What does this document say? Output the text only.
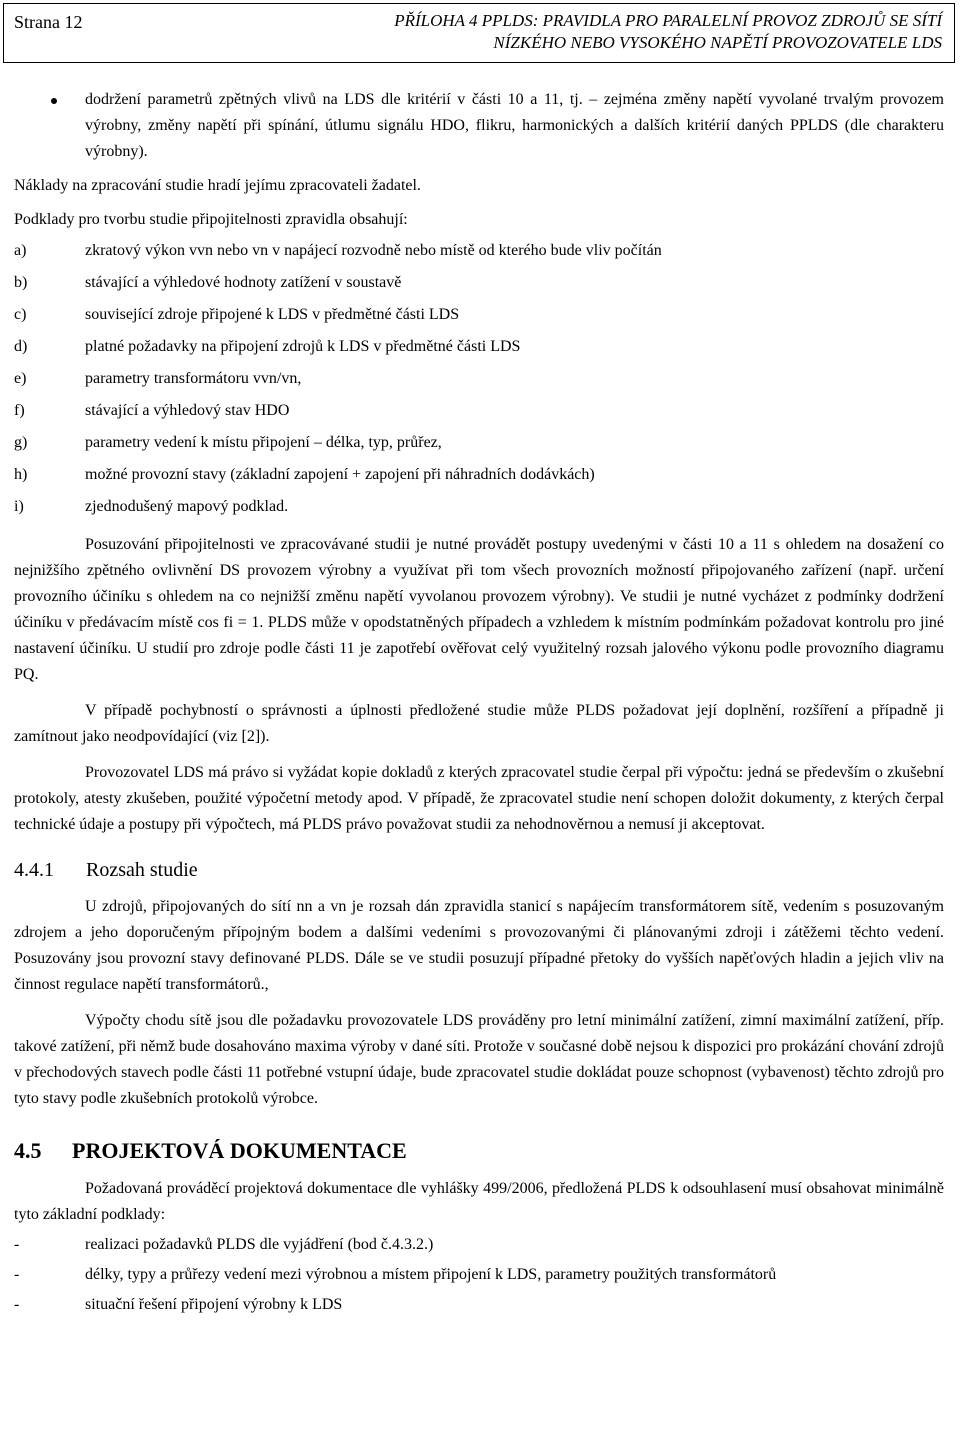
Strana 12	PŘÍLOHA 4 PPLDS: PRAVIDLA PRO PARALELNÍ PROVOZ ZDROJŮ SE SÍTÍ
NÍZKÉHO NEBO VYSOKÉHO NAPĚTÍ PROVOZOVATELE LDS

dodržení parametrů zpětných vlivů na LDS dle kritérií v části 10 a 11, tj. – zejména změny napětí vyvolané trvalým provozem výrobny, změny napětí při spínání, útlumu signálu HDO, flikru, harmonických a dalších kritérií daných PPLDS (dle charakteru výrobny).

Náklady na zpracování studie hradí jejímu zpracovateli žadatel.

Podklady pro tvorbu studie připojitelnosti zpravidla obsahují:

a)	zkratový výkon vvn nebo vn v napájecí rozvodně nebo místě od kterého bude vliv počítán
b)	stávající a výhledové hodnoty zatížení v soustavě
c)	související zdroje připojené k LDS v předmětné části LDS
d)	platné požadavky na připojení zdrojů k LDS v předmětné části LDS
e)	parametry transformátoru vvn/vn,
f)	stávající a výhledový stav HDO
g)	parametry vedení k místu připojení – délka, typ, průřez,
h)	možné provozní stavy (základní zapojení + zapojení při náhradních dodávkách)
i)	zjednodušený mapový podklad.

Posuzování připojitelnosti ve zpracovávané studii je nutné provádět postupy uvedenými v části 10 a 11 s ohledem na dosažení co nejnižšího zpětného ovlivnění DS provozem výrobny a využívat při tom všech provozních možností připojovaného zařízení (např. určení provozního účiníku s ohledem na co nejnižší změnu napětí vyvolanou provozem výrobny). Ve studii je nutné vycházet z podmínky dodržení účiníku v předávacím místě cos fi = 1. PLDS může v opodstatněných případech a vzhledem k místním podmínkám požadovat kontrolu pro jiné nastavení účiníku. U studií pro zdroje podle části 11 je zapotřebí ověřovat celý využitelný rozsah jalového výkonu podle provozního diagramu PQ.

V případě pochybností o správnosti a úplnosti předložené studie může PLDS požadovat její doplnění, rozšíření a případně ji zamítnout jako neodpovídající (viz [2]).

Provozovatel LDS má právo si vyžádat kopie dokladů z kterých zpracovatel studie čerpal při výpočtu: jedná se především o zkušební protokoly, atesty zkušeben, použité výpočetní metody apod. V případě, že zpracovatel studie není schopen doložit dokumenty, z kterých čerpal technické údaje a postupy při výpočtech, má PLDS právo považovat studii za nehodnověrnou a nemusí ji akceptovat.

4.4.1 Rozsah studie

U zdrojů, připojovaných do sítí nn a vn je rozsah dán zpravidla stanicí s napájecím transformátorem sítě, vedením s posuzovaným zdrojem a jeho doporučeným přípojným bodem a dalšími vedeními s provozovanými či plánovanými zdroji i zátěžemi těchto vedení. Posuzovány jsou provozní stavy definované PLDS. Dále se ve studii posuzují případné přetoky do vyšších napěťových hladin a jejich vliv na činnost regulace napětí transformátorů.,

Výpočty chodu sítě jsou dle požadavku provozovatele LDS prováděny pro letní minimální zatížení, zimní maximální zatížení, příp. takové zatížení, při němž bude dosahováno maxima výroby v dané síti. Protože v současné době nejsou k dispozici pro prokázání chování zdrojů v přechodových stavech podle části 11 potřebné vstupní údaje, bude zpracovatel studie dokládat pouze schopnost (vybavenost) těchto zdrojů pro tyto stavy podle zkušebních protokolů výrobce.

4.5 PROJEKTOVÁ DOKUMENTACE

Požadovaná prováděcí projektová dokumentace dle vyhlášky 499/2006, předložená PLDS k odsouhlasení musí obsahovat minimálně tyto základní podklady:

-	realizaci požadavků PLDS dle vyjádření (bod č.4.3.2.)
-	délky, typy a průřezy vedení mezi výrobnou a místem připojení k LDS, parametry použitých transformátorů
-	situační řešení připojení výrobny k LDS
